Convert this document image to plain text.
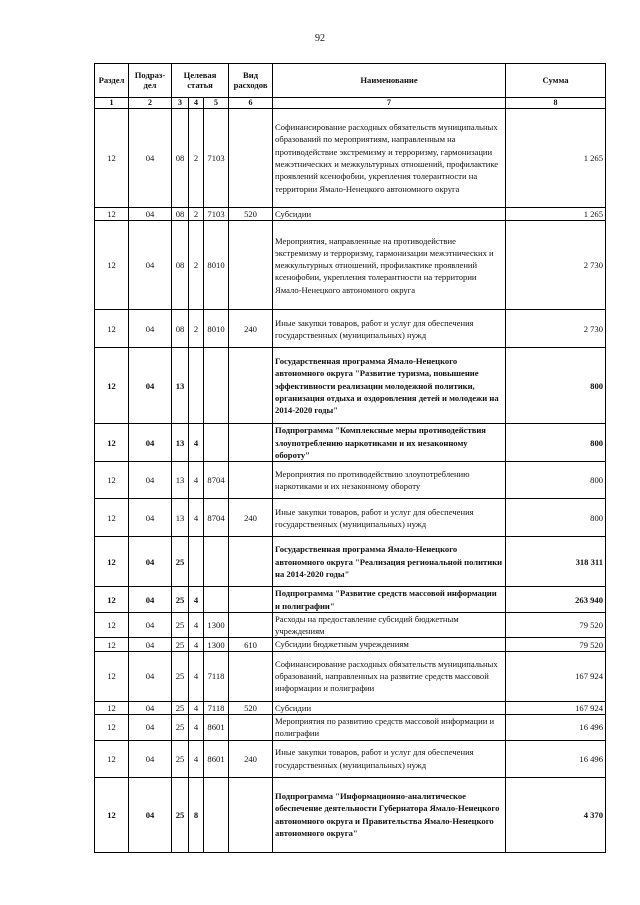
92
Раздел	Подраз-дел	Целевая статья			Вид расходов	Наименование	Сумма
1	2	3	4	5	6	7	8
12	04	08	2	7103		Софинансирование расходных обязательств муниципальных образований по мероприятиям, направленным на противодействие экстремизму и терроризму, гармонизации межэтнических и межкультурных отношений, профилактике проявлений ксенофобии, укрепления толерантности на территории Ямало-Ненецкого автономного округа	1 265
12	04	08	2	7103	520	Субсидии	1 265
12	04	08	2	8010		Мероприятия, направленные на противодействие экстремизму и терроризму, гармонизации межэтнических и межкультурных отношений, профилактике проявлений ксенофобии, укрепления толерантности на территории Ямало-Ненецкого автономного округа	2 730
12	04	08	2	8010	240	Иные закупки товаров, работ и услуг для обеспечения государственных (муниципальных) нужд	2 730
12	04	13				Государственная программа Ямало-Ненецкого автономного округа "Развитие туризма, повышение эффективности реализации молодежной политики, организация отдыха и оздоровления детей и молодежи на 2014-2020 годы"	800
12	04	13	4			Подпрограмма "Комплексные меры противодействия злоупотреблению наркотиками и их незаконному обороту"	800
12	04	13	4	8704		Мероприятия по противодействию злоупотреблению наркотиками и их незаконному обороту	800
12	04	13	4	8704	240	Иные закупки товаров, работ и услуг для обеспечения государственных (муниципальных) нужд	800
12	04	25				Государственная программа Ямало-Ненецкого автономного округа "Реализация региональной политики на 2014-2020 годы"	318 311
12	04	25	4			Подпрограмма "Развитие средств массовой информации и полиграфии"	263 940
12	04	25	4	1300		Расходы на предоставление субсидий бюджетным учреждениям	79 520
12	04	25	4	1300	610	Субсидии бюджетным учреждениям	79 520
12	04	25	4	7118		Софинансирование расходных обязательств муниципальных образований, направленных на развитие средств массовой информации и полиграфии	167 924
12	04	25	4	7118	520	Субсидии	167 924
12	04	25	4	8601		Мероприятия по развитию средств массовой информации и полиграфии	16 496
12	04	25	4	8601	240	Иные закупки товаров, работ и услуг для обеспечения государственных (муниципальных) нужд	16 496
12	04	25	8			Подпрограмма "Информационно-аналитическое обеспечение деятельности Губернатора Ямало-Ненецкого автономного округа и Правительства Ямало-Ненецкого автономного округа"	4 370
